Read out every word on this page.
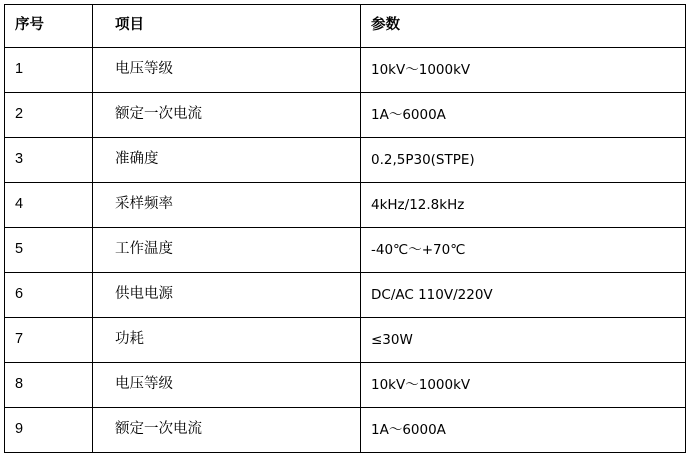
序号	项目	参数
1	电压等级	10kV～1000kV
2	额定一次电流	1A～6000A
3	准确度	0.2,5P30(STPE)
4	采样频率	4kHz/12.8kHz
5	工作温度	-40℃～+70℃
6	供电电源	DC/AC 110V/220V
7	功耗	≤30W
8	电压等级	10kV～1000kV
9	额定一次电流	1A～6000A
